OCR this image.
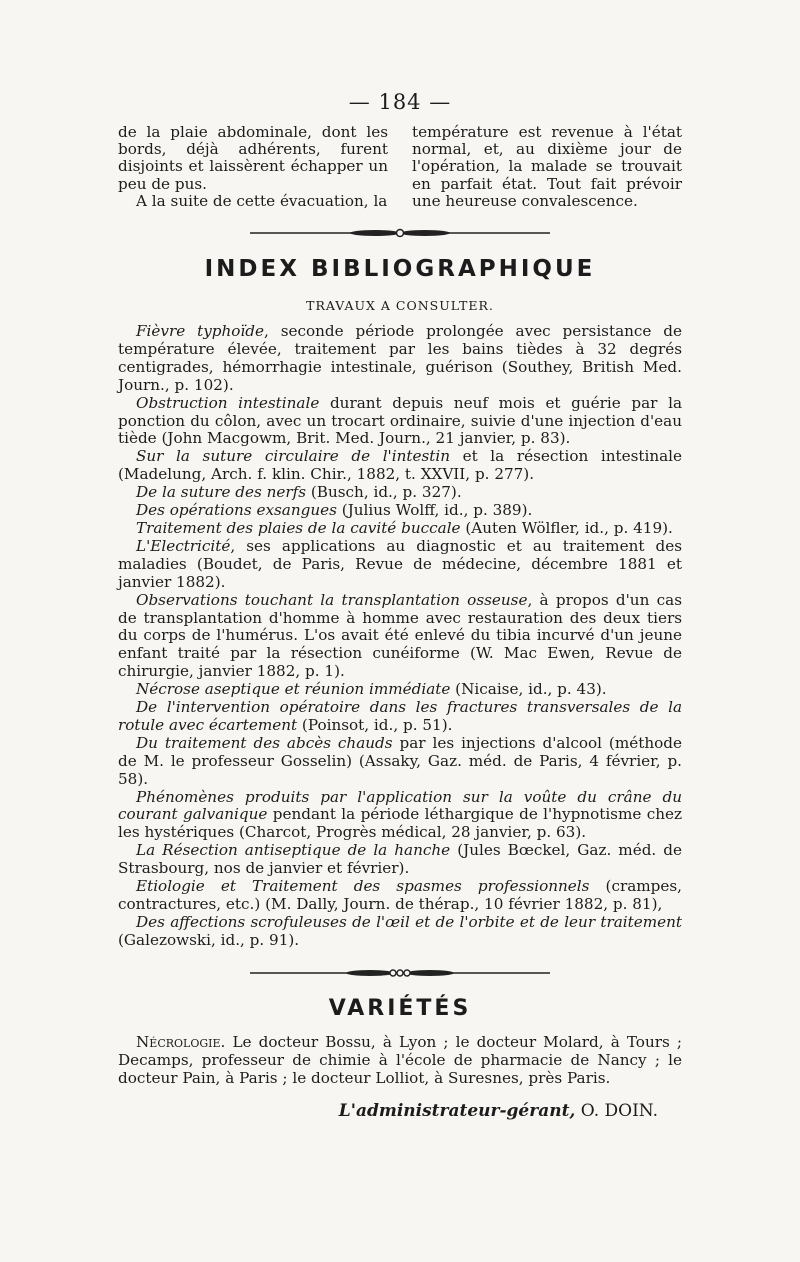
— 184 —

de la plaie abdominale, dont les bords, déjà adhérents, furent disjoints et laissèrent échapper un peu de pus.

A la suite de cette évacuation, la

température est revenue à l'état normal, et, au dixième jour de l'opération, la malade se trouvait en parfait état. Tout fait prévoir une heureuse convalescence.

INDEX BIBLIOGRAPHIQUE
TRAVAUX A CONSULTER.

Fièvre typhoïde, seconde période prolongée avec persistance de température élevée, traitement par les bains tièdes à 32 degrés centigrades, hémorrhagie intestinale, guérison (Southey, British Med. Journ., p. 102).

Obstruction intestinale durant depuis neuf mois et guérie par la ponction du côlon, avec un trocart ordinaire, suivie d'une injection d'eau tiède (John Macgowm, Brit. Med. Journ., 21 janvier, p. 83).

Sur la suture circulaire de l'intestin et la résection intestinale (Madelung, Arch. f. klin. Chir., 1882, t. XXVII, p. 277).

De la suture des nerfs (Busch, id., p. 327).

Des opérations exsangues (Julius Wolff, id., p. 389).

Traitement des plaies de la cavité buccale (Auten Wölfler, id., p. 419).

L'Electricité, ses applications au diagnostic et au traitement des maladies (Boudet, de Paris, Revue de médecine, décembre 1881 et janvier 1882).

Observations touchant la transplantation osseuse, à propos d'un cas de transplantation d'homme à homme avec restauration des deux tiers du corps de l'humérus. L'os avait été enlevé du tibia incurvé d'un jeune enfant traité par la résection cunéiforme (W. Mac Ewen, Revue de chirurgie, janvier 1882, p. 1).

Nécrose aseptique et réunion immédiate (Nicaise, id., p. 43).

De l'intervention opératoire dans les fractures transversales de la rotule avec écartement (Poinsot, id., p. 51).

Du traitement des abcès chauds par les injections d'alcool (méthode de M. le professeur Gosselin) (Assaky, Gaz. méd. de Paris, 4 février, p. 58).

Phénomènes produits par l'application sur la voûte du crâne du courant galvanique pendant la période léthargique de l'hypnotisme chez les hystériques (Charcot, Progrès médical, 28 janvier, p. 63).

La Résection antiseptique de la hanche (Jules Bœckel, Gaz. méd. de Strasbourg, nos de janvier et février).

Etiologie et Traitement des spasmes professionnels (crampes, contractures, etc.) (M. Dally, Journ. de thérap., 10 février 1882, p. 81),

Des affections scrofuleuses de l'œil et de l'orbite et de leur traitement (Galezowski, id., p. 91).

VARIÉTÉS

Nécrologie. Le docteur Bossu, à Lyon ; le docteur Molard, à Tours ; Decamps, professeur de chimie à l'école de pharmacie de Nancy ; le docteur Pain, à Paris ; le docteur Lolliot, à Suresnes, près Paris.

L'administrateur-gérant, O. DOIN.
